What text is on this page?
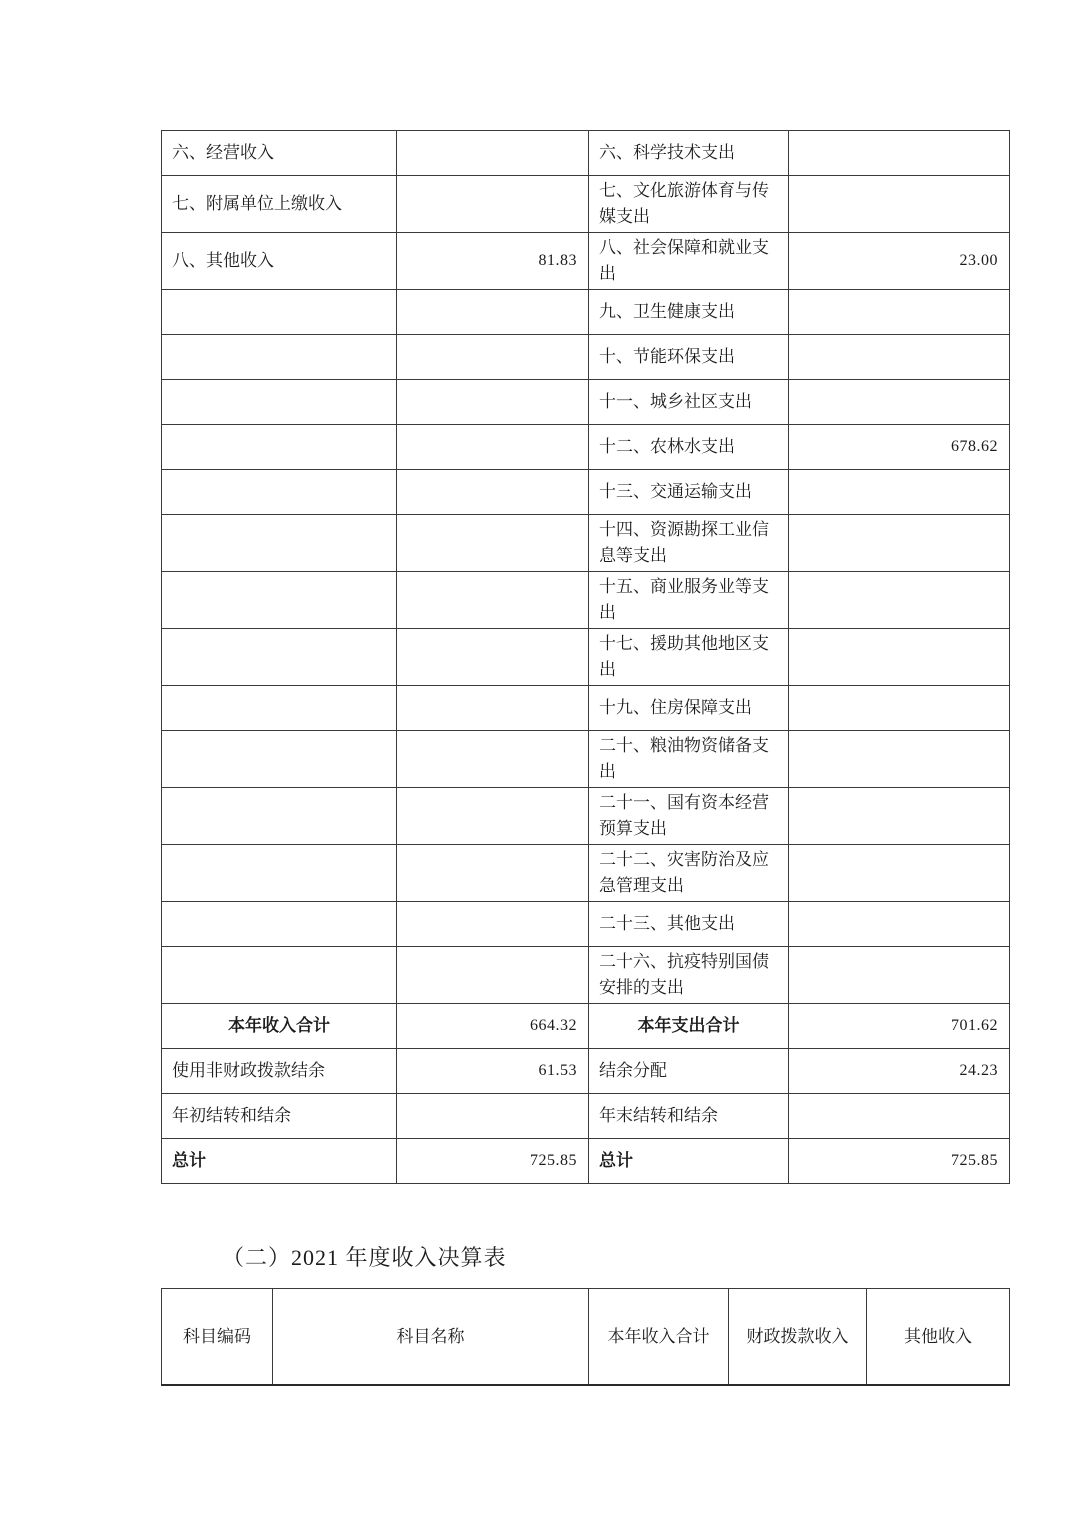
六、经营收入		六、科学技术支出	
七、附属单位上缴收入		七、文化旅游体育与传媒支出	
八、其他收入	81.83	八、社会保障和就业支出	23.00
		九、卫生健康支出	
		十、节能环保支出	
		十一、城乡社区支出	
		十二、农林水支出	678.62
		十三、交通运输支出	
		十四、资源勘探工业信息等支出	
		十五、商业服务业等支出	
		十七、援助其他地区支出	
		十九、住房保障支出	
		二十、粮油物资储备支出	
		二十一、国有资本经营预算支出	
		二十二、灾害防治及应急管理支出	
		二十三、其他支出	
		二十六、抗疫特别国债安排的支出	
本年收入合计	664.32	本年支出合计	701.62
使用非财政拨款结余	61.53	结余分配	24.23
年初结转和结余		年末结转和结余	
总计	725.85	总计	725.85
（二）2021 年度收入决算表
科目编码	科目名称	本年收入合计	财政拨款收入	其他收入
